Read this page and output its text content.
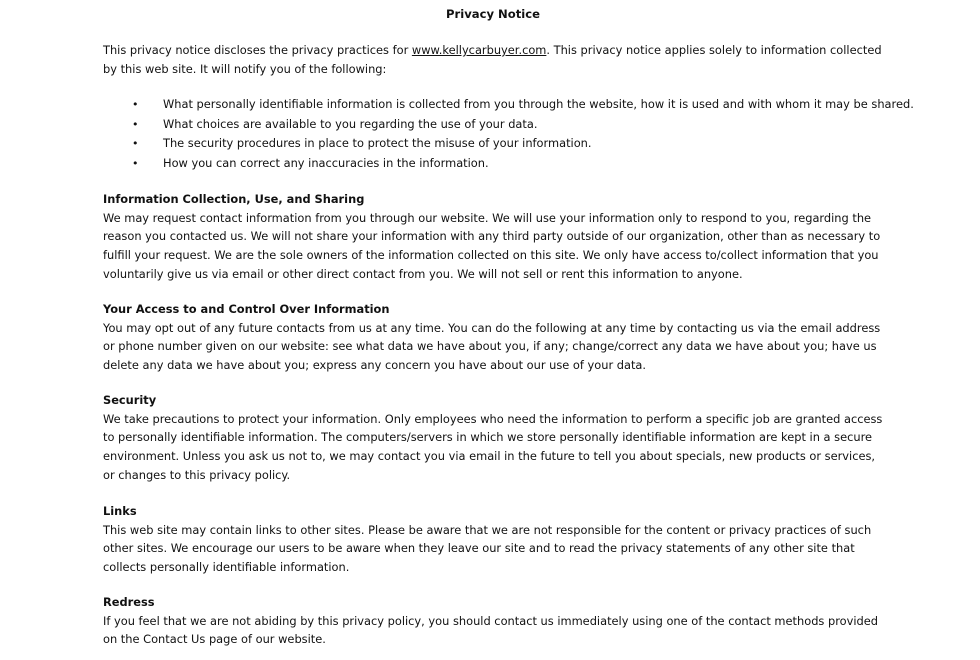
Privacy Notice

This privacy notice discloses the privacy practices for www.kellycarbuyer.com. This privacy notice applies solely to information collected by this web site. It will notify you of the following:

• What personally identifiable information is collected from you through the website, how it is used and with whom it may be shared.
• What choices are available to you regarding the use of your data.
• The security procedures in place to protect the misuse of your information.
• How you can correct any inaccuracies in the information.
Information Collection, Use, and Sharing

We may request contact information from you through our website. We will use your information only to respond to you, regarding the reason you contacted us. We will not share your information with any third party outside of our organization, other than as necessary to fulfill your request. We are the sole owners of the information collected on this site. We only have access to/collect information that you voluntarily give us via email or other direct contact from you. We will not sell or rent this information to anyone.

Your Access to and Control Over Information

You may opt out of any future contacts from us at any time. You can do the following at any time by contacting us via the email address or phone number given on our website: see what data we have about you, if any; change/correct any data we have about you; have us delete any data we have about you; express any concern you have about our use of your data.

Security

We take precautions to protect your information. Only employees who need the information to perform a specific job are granted access to personally identifiable information. The computers/servers in which we store personally identifiable information are kept in a secure environment. Unless you ask us not to, we may contact you via email in the future to tell you about specials, new products or services, or changes to this privacy policy.

Links

This web site may contain links to other sites. Please be aware that we are not responsible for the content or privacy practices of such other sites. We encourage our users to be aware when they leave our site and to read the privacy statements of any other site that collects personally identifiable information.

Redress

If you feel that we are not abiding by this privacy policy, you should contact us immediately using one of the contact methods provided on the Contact Us page of our website.
